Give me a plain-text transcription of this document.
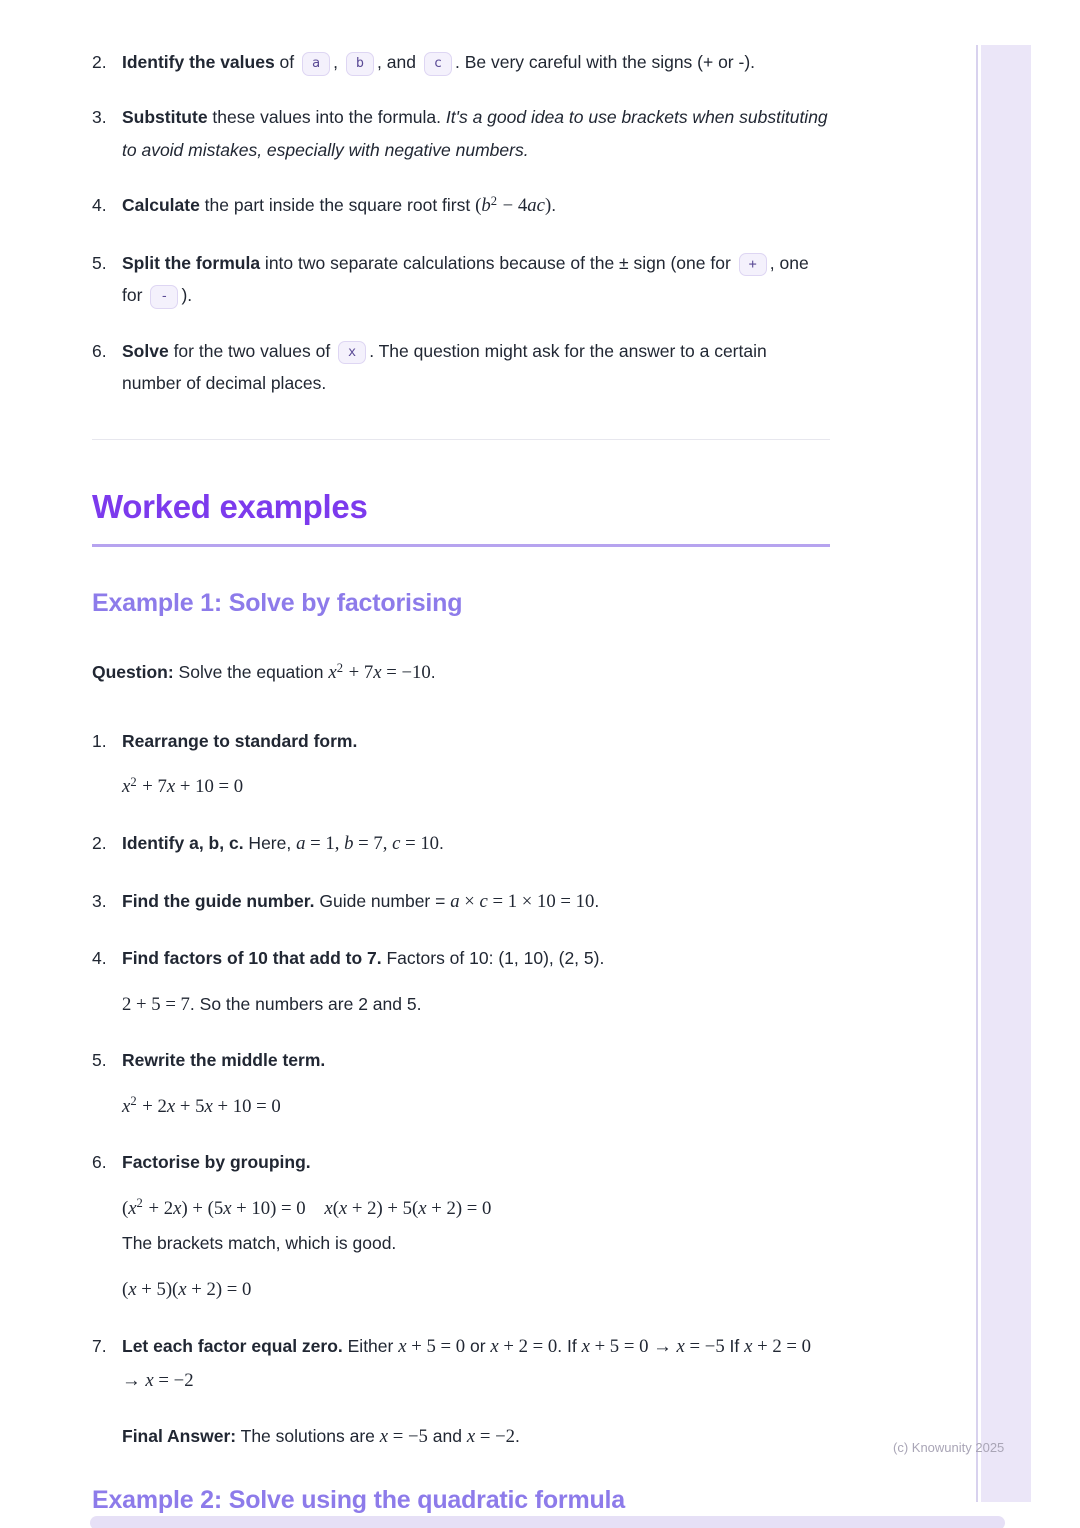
2. Identify the values of a , b , and c . Be very careful with the signs (+ or -).

3. Substitute these values into the formula. It's a good idea to use brackets when substituting to avoid mistakes, especially with negative numbers.

4. Calculate the part inside the square root first $(b^2 - 4ac)$.

5. Split the formula into two separate calculations because of the ± sign (one for + , one for - ).

6. Solve for the two values of x . The question might ask for the answer to a certain number of decimal places.

Worked examples
Example 1: Solve by factorising

Question: Solve the equation $x^2 + 7x = -10$.

1. Rearrange to standard form.

$x^2 + 7x + 10 = 0$

2. Identify a, b, c. Here, a = 1, b = 7, c = 10.

3. Find the guide number. Guide number = a × c = 1 × 10 = 10.

4. Find factors of 10 that add to 7. Factors of 10: (1, 10), (2, 5).

2 + 5 = 7. So the numbers are 2 and 5.

5. Rewrite the middle term.

$x^2 + 2x + 5x + 10 = 0$

6. Factorise by grouping.

$(x^2 + 2x) + (5x + 10) = 0$ x(x + 2) + 5(x + 2) = 0

The brackets match, which is good.

(x + 5)(x + 2) = 0

7. Let each factor equal zero. Either x + 5 = 0 or x + 2 = 0. If x + 5 = 0 → x = −5 If x + 2 = 0 → x = −2

Final Answer: The solutions are x = −5 and x = −2.

Example 2: Solve using the quadratic formula
(c) Knowunity 2025
